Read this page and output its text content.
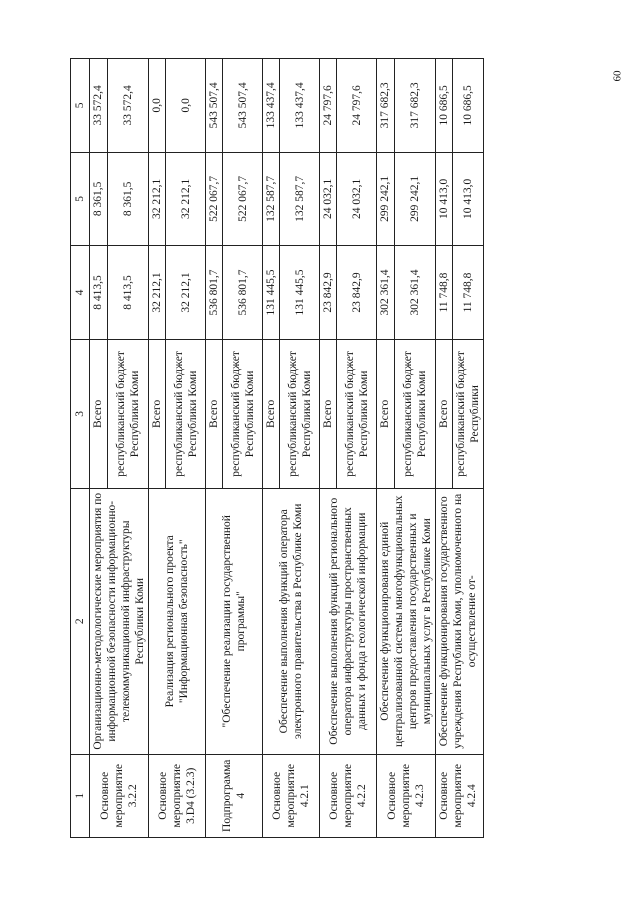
60
1	2	3	4	5	5
Основное мероприятие 3.2.2	Организационно-методологические мероприятия по информационной безопасности информационно-телекоммуникационной инфраструктуры Республики Коми	Всего	8 413,5	8 361,5	33 572,4
		республиканский бюджет Республики Коми	8 413,5	8 361,5	33 572,4
Основное мероприятие 3.D4 (3.2.3)	Реализация регионального проекта "Информационная безопасность"	Всего	32 212,1	32 212,1	0,0
		республиканский бюджет Республики Коми	32 212,1	32 212,1	0,0
Подпрограмма 4	"Обеспечение реализации государственной программы"	Всего	536 801,7	522 067,7	543 507,4
		республиканский бюджет Республики Коми	536 801,7	522 067,7	543 507,4
Основное мероприятие 4.2.1	Обеспечение выполнения функций оператора электронного правительства в Республике Коми	Всего	131 445,5	132 587,7	133 437,4
		республиканский бюджет Республики Коми	131 445,5	132 587,7	133 437,4
Основное мероприятие 4.2.2	Обеспечение выполнения функций регионального оператора инфраструктуры пространственных данных и фонда геологической информации	Всего	23 842,9	24 032,1	24 797,6
		республиканский бюджет Республики Коми	23 842,9	24 032,1	24 797,6
Основное мероприятие 4.2.3	Обеспечение функционирования единой централизованной системы многофункциональных центров предоставления государственных и муниципальных услуг в Республике Коми	Всего	302 361,4	299 242,1	317 682,3
		республиканский бюджет Республики Коми	302 361,4	299 242,1	317 682,3
Основное мероприятие 4.2.4	Обеспечение функционирования государственного учреждения Республики Коми, уполномоченного на осуществление от-	Всего	11 748,8	10 413,0	10 686,5
		республиканский бюджет Республики	11 748,8	10 413,0	10 686,5
